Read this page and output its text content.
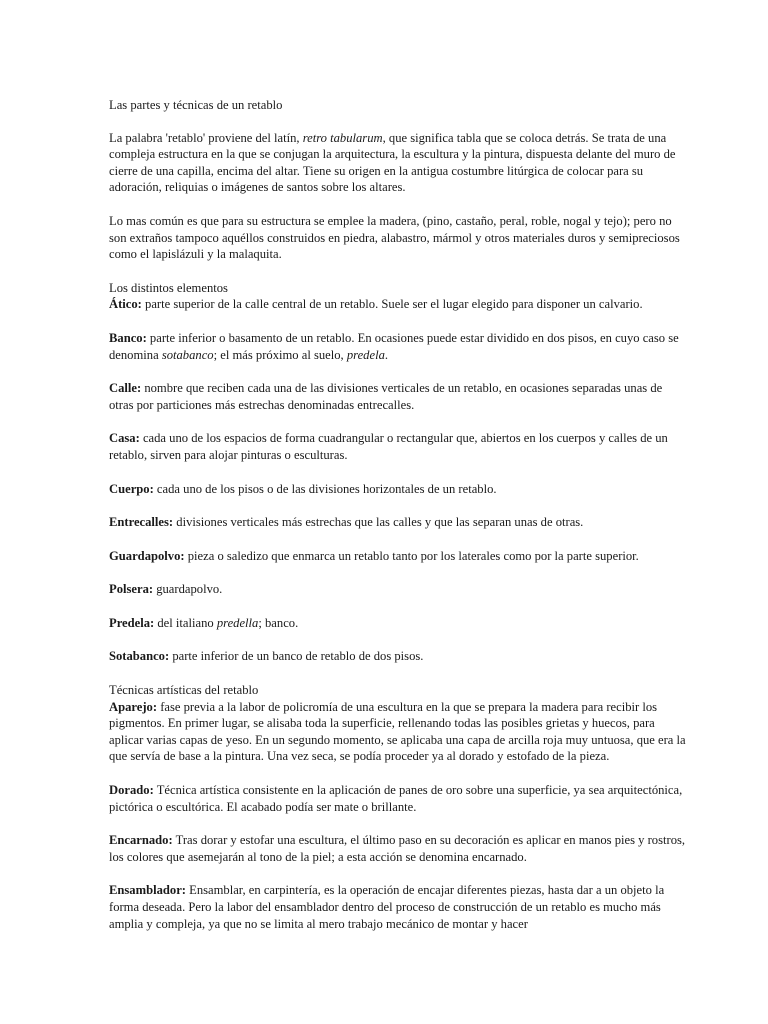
Las partes y técnicas de un retablo

La palabra 'retablo' proviene del latín, retro tabularum, que significa tabla que se coloca detrás. Se trata de una compleja estructura en la que se conjugan la arquitectura, la escultura y la pintura, dispuesta delante del muro de cierre de una capilla, encima del altar. Tiene su origen en la antigua costumbre litúrgica de colocar para su adoración, reliquias o imágenes de santos sobre los altares.

Lo mas común es que para su estructura se emplee la madera, (pino, castaño, peral, roble, nogal y tejo); pero no son extraños tampoco aquéllos construidos en piedra, alabastro, mármol y otros materiales duros y semipreciosos como el lapislázuli y la malaquita.

Los distintos elementos
Ático: parte superior de la calle central de un retablo. Suele ser el lugar elegido para disponer un calvario.
Banco: parte inferior o basamento de un retablo. En ocasiones puede estar dividido en dos pisos, en cuyo caso se denomina sotabanco; el más próximo al suelo, predela.
Calle: nombre que reciben cada una de las divisiones verticales de un retablo, en ocasiones separadas unas de otras por particiones más estrechas denominadas entrecalles.
Casa: cada uno de los espacios de forma cuadrangular o rectangular que, abiertos en los cuerpos y calles de un retablo, sirven para alojar pinturas o esculturas.
Cuerpo: cada uno de los pisos o de las divisiones horizontales de un retablo.
Entrecalles: divisiones verticales más estrechas que las calles y que las separan unas de otras.
Guardapolvo: pieza o saledizo que enmarca un retablo tanto por los laterales como por la parte superior.
Polsera: guardapolvo.
Predela: del italiano predella; banco.
Sotabanco: parte inferior de un banco de retablo de dos pisos.
Técnicas artísticas del retablo
Aparejo: fase previa a la labor de policromía de una escultura en la que se prepara la madera para recibir los pigmentos. En primer lugar, se alisaba toda la superficie, rellenando todas las posibles grietas y huecos, para aplicar varias capas de yeso. En un segundo momento, se aplicaba una capa de arcilla roja muy untuosa, que era la que servía de base a la pintura. Una vez seca, se podía proceder ya al dorado y estofado de la pieza.
Dorado: Técnica artística consistente en la aplicación de panes de oro sobre una superficie, ya sea arquitectónica, pictórica o escultórica. El acabado podía ser mate o brillante.
Encarnado: Tras dorar y estofar una escultura, el último paso en su decoración es aplicar en manos pies y rostros, los colores que asemejarán al tono de la piel; a esta acción se denomina encarnado.
Ensamblador: Ensamblar, en carpintería, es la operación de encajar diferentes piezas, hasta dar a un objeto la forma deseada. Pero la labor del ensamblador dentro del proceso de construcción de un retablo es mucho más amplia y compleja, ya que no se limita al mero trabajo mecánico de montar y hacer
